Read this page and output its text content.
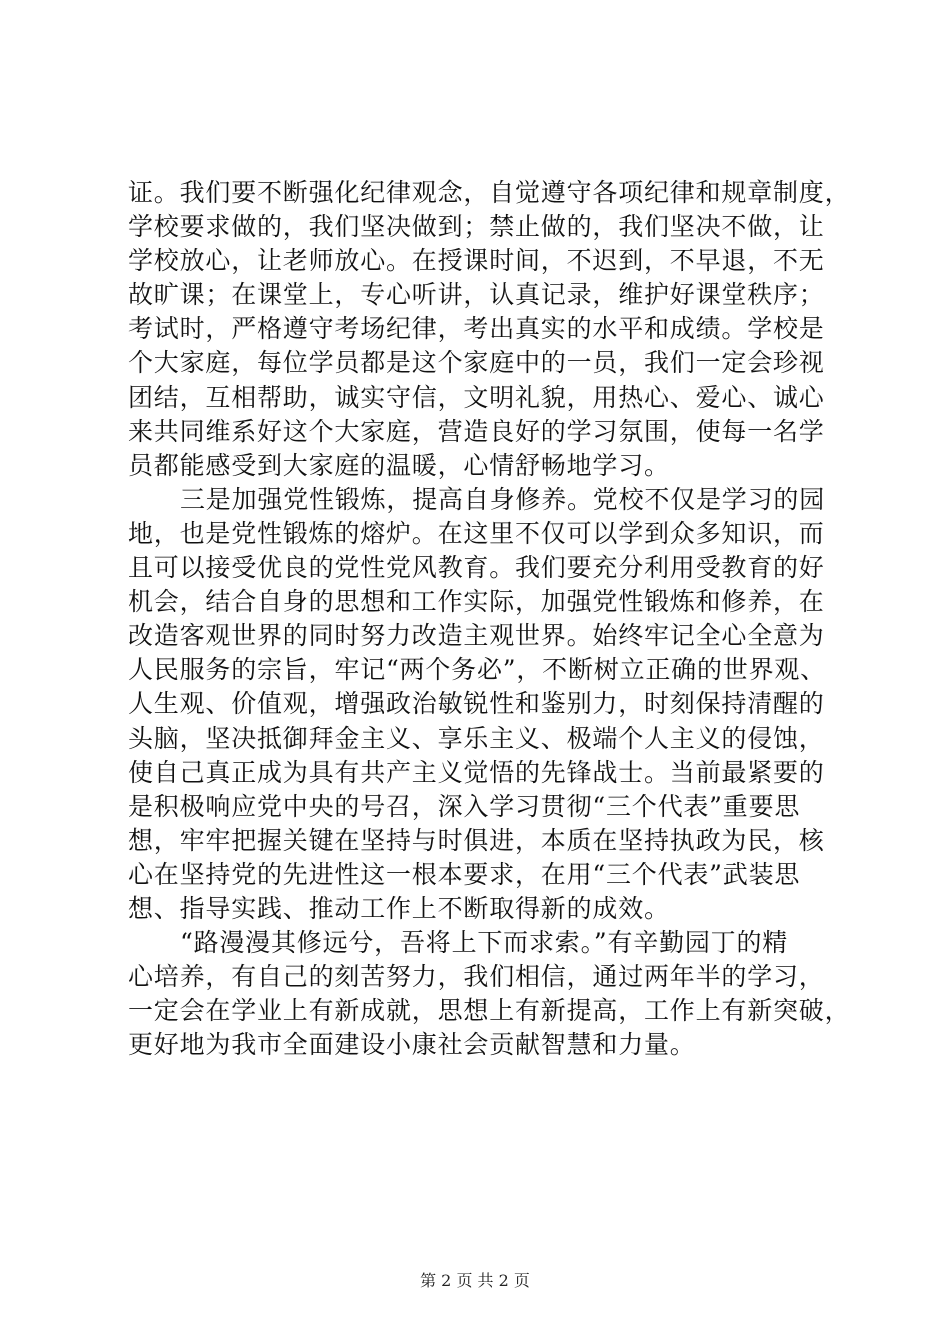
证。我们要不断强化纪律观念，自觉遵守各项纪律和规章制度，
学校要求做的，我们坚决做到；禁止做的，我们坚决不做，让
学校放心，让老师放心。在授课时间，不迟到，不早退，不无
故旷课；在课堂上，专心听讲，认真记录，维护好课堂秩序；
考试时，严格遵守考场纪律，考出真实的水平和成绩。学校是
个大家庭，每位学员都是这个家庭中的一员，我们一定会珍视
团结，互相帮助，诚实守信，文明礼貌，用热心、爱心、诚心
来共同维系好这个大家庭，营造良好的学习氛围，使每一名学
员都能感受到大家庭的温暖，心情舒畅地学习。
三是加强党性锻炼，提高自身修养。党校不仅是学习的园
地，也是党性锻炼的熔炉。在这里不仅可以学到众多知识，而
且可以接受优良的党性党风教育。我们要充分利用受教育的好
机会，结合自身的思想和工作实际，加强党性锻炼和修养，在
改造客观世界的同时努力改造主观世界。始终牢记全心全意为
人民服务的宗旨，牢记“两个务必”，不断树立正确的世界观、
人生观、价值观，增强政治敏锐性和鉴别力，时刻保持清醒的
头脑，坚决抵御拜金主义、享乐主义、极端个人主义的侵蚀，
使自己真正成为具有共产主义觉悟的先锋战士。当前最紧要的
是积极响应党中央的号召，深入学习贯彻“三个代表”重要思
想，牢牢把握关键在坚持与时俱进，本质在坚持执政为民，核
心在坚持党的先进性这一根本要求，在用“三个代表”武装思
想、指导实践、推动工作上不断取得新的成效。
“路漫漫其修远兮，吾将上下而求索。”有辛勤园丁的精
心培养，有自己的刻苦努力，我们相信，通过两年半的学习，
一定会在学业上有新成就，思想上有新提高，工作上有新突破，
更好地为我市全面建设小康社会贡献智慧和力量。
第 2 页 共 2 页
